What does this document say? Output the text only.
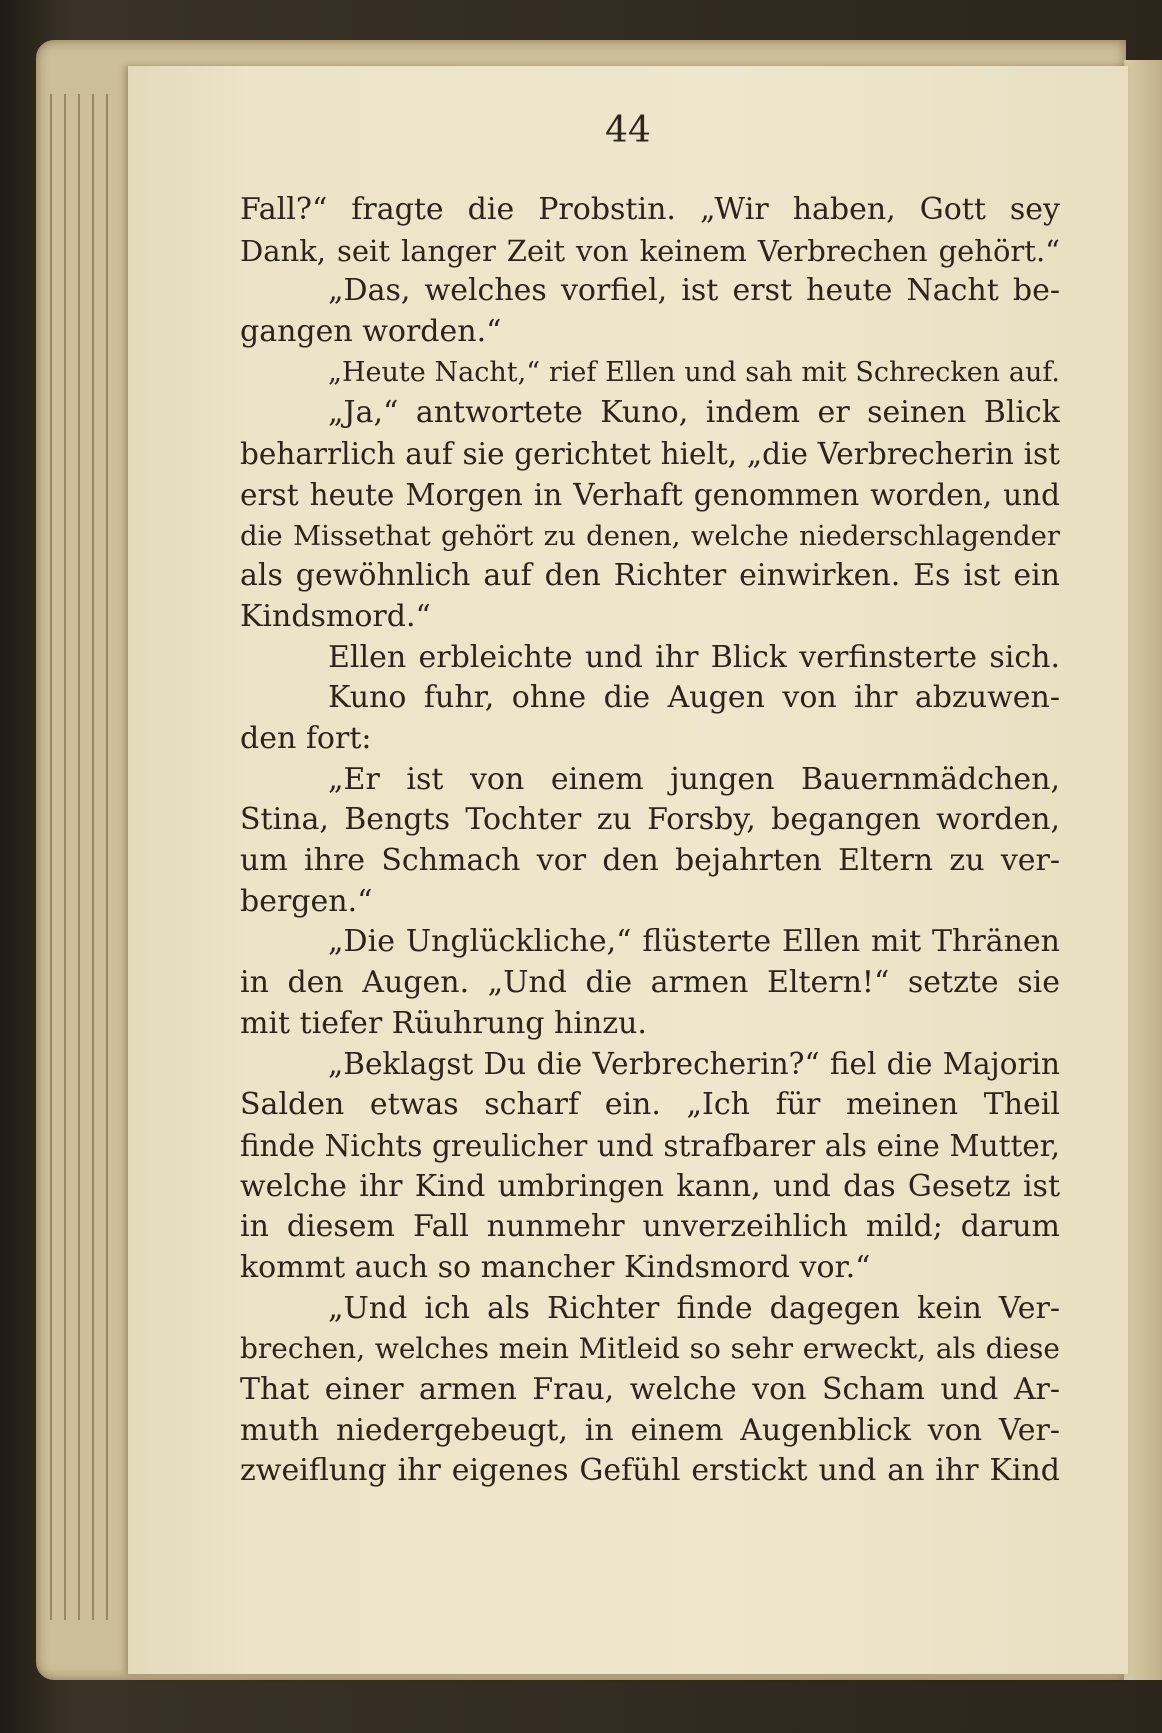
44
Fall?“ fragte die Probstin. „Wir haben, Gott sey
Dank, seit langer Zeit von keinem Verbrechen gehört.“
„Das, welches vorfiel, ist erst heute Nacht be-
gangen worden.“
„Heute Nacht,“ rief Ellen und sah mit Schrecken auf.
„Ja,“ antwortete Kuno, indem er seinen Blick
beharrlich auf sie gerichtet hielt, „die Verbrecherin ist
erst heute Morgen in Verhaft genommen worden, und
die Missethat gehört zu denen, welche niederschlagender
als gewöhnlich auf den Richter einwirken. Es ist ein
Kindsmord.“
Ellen erbleichte und ihr Blick verfinsterte sich.
Kuno fuhr, ohne die Augen von ihr abzuwen-
den fort:
„Er ist von einem jungen Bauernmädchen,
Stina, Bengts Tochter zu Forsby, begangen worden,
um ihre Schmach vor den bejahrten Eltern zu ver-
bergen.“
„Die Unglückliche,“ flüsterte Ellen mit Thränen
in den Augen. „Und die armen Eltern!“ setzte sie
mit tiefer Rüuhrung hinzu.
„Beklagst Du die Verbrecherin?“ fiel die Majorin
Salden etwas scharf ein. „Ich für meinen Theil
finde Nichts greulicher und strafbarer als eine Mutter,
welche ihr Kind umbringen kann, und das Gesetz ist
in diesem Fall nunmehr unverzeihlich mild; darum
kommt auch so mancher Kindsmord vor.“
„Und ich als Richter finde dagegen kein Ver-
brechen, welches mein Mitleid so sehr erweckt, als diese
That einer armen Frau, welche von Scham und Ar-
muth niedergebeugt, in einem Augenblick von Ver-
zweiflung ihr eigenes Gefühl erstickt und an ihr Kind
